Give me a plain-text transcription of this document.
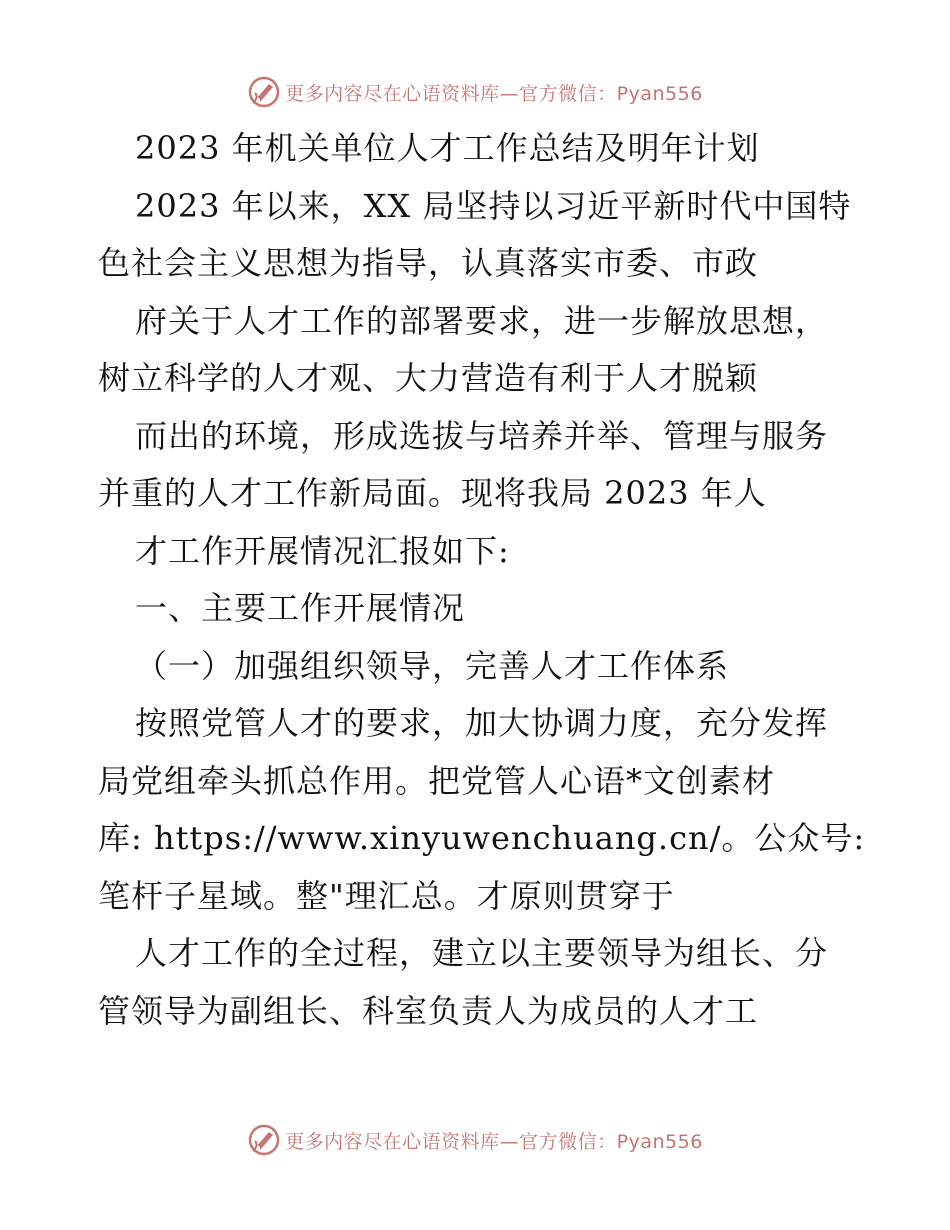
更多内容尽在心语资料库—官方微信：Pyan556
2023 年机关单位人才工作总结及明年计划
2023 年以来，XX 局坚持以习近平新时代中国特
色社会主义思想为指导，认真落实市委、市政
府关于人才工作的部署要求，进一步解放思想，
树立科学的人才观、大力营造有利于人才脱颖
而出的环境，形成选拔与培养并举、管理与服务
并重的人才工作新局面。现将我局 2023 年人
才工作开展情况汇报如下:
一、主要工作开展情况
（一）加强组织领导，完善人才工作体系
按照党管人才的要求，加大协调力度，充分发挥
局党组牵头抓总作用。把党管人心语*文创素材
库: https://www.xinyuwenchuang.cn/。公众号:
笔杆子星域。整"理汇总。才原则贯穿于
人才工作的全过程，建立以主要领导为组长、分
管领导为副组长、科室负责人为成员的人才工
更多内容尽在心语资料库—官方微信：Pyan556
